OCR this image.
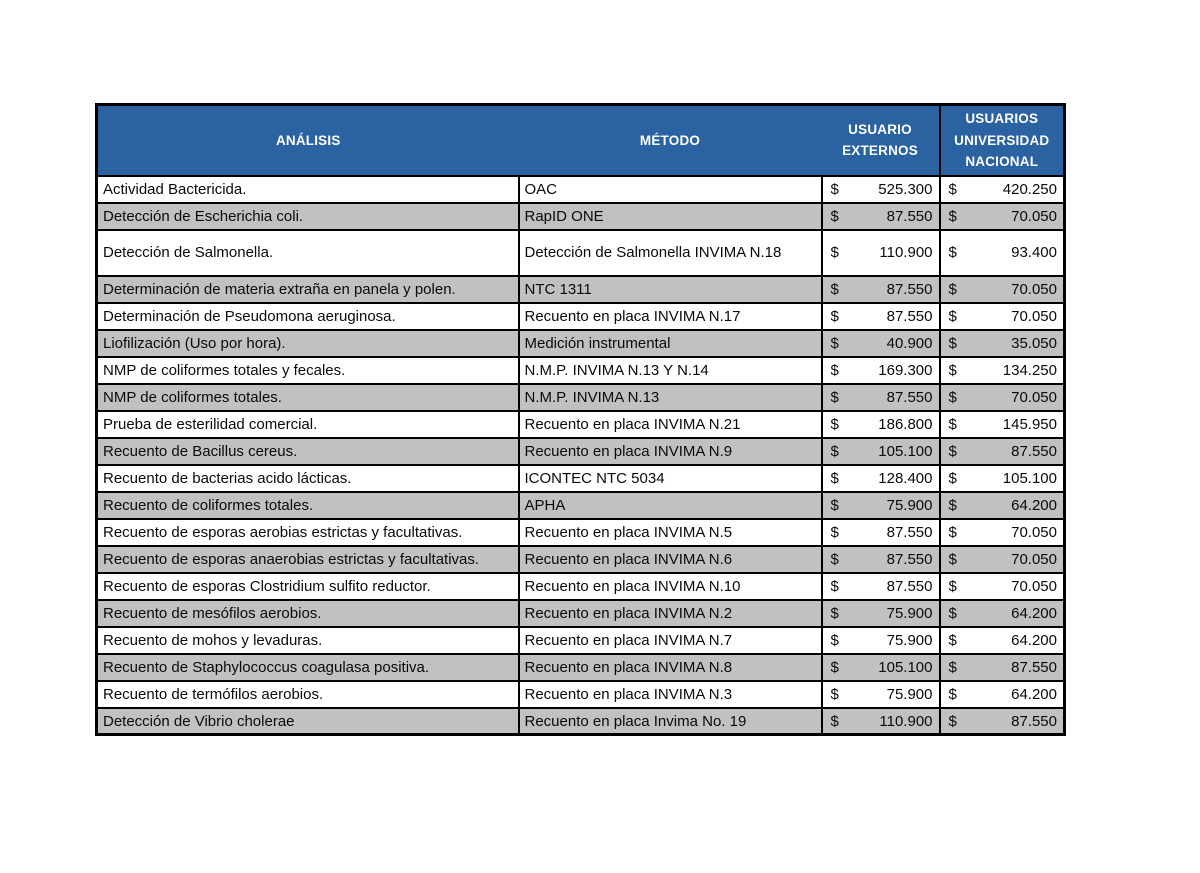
ANÁLISIS	MÉTODO	USUARIO EXTERNOS	USUARIOS UNIVERSIDAD NACIONAL
Actividad Bactericida.	OAC	$ 525.300	$ 420.250

Detección de Escherichia coli.	RapID ONE	$ 87.550	$ 70.050

Detección de Salmonella.	Detección de Salmonella INVIMA N.18	$ 110.900	$ 93.400

Determinación de materia extraña en panela y polen.	NTC 1311	$ 87.550	$ 70.050

Determinación de Pseudomona aeruginosa.	Recuento en placa INVIMA N.17	$ 87.550	$ 70.050

Liofilización (Uso por hora).	Medición instrumental	$ 40.900	$ 35.050

NMP de coliformes totales y fecales.	N.M.P. INVIMA N.13 Y N.14	$ 169.300	$ 134.250

NMP de coliformes totales.	N.M.P. INVIMA N.13	$ 87.550	$ 70.050

Prueba de esterilidad comercial.	Recuento en placa INVIMA N.21	$ 186.800	$ 145.950

Recuento de Bacillus cereus.	Recuento en placa INVIMA N.9	$ 105.100	$ 87.550

Recuento de bacterias acido lácticas.	ICONTEC NTC 5034	$ 128.400	$ 105.100

Recuento de coliformes totales.	APHA	$ 75.900	$ 64.200

Recuento de esporas aerobias estrictas y facultativas.	Recuento en placa INVIMA N.5	$ 87.550	$ 70.050

Recuento de esporas anaerobias estrictas y facultativas.	Recuento en placa INVIMA N.6	$ 87.550	$ 70.050

Recuento de esporas Clostridium sulfito reductor.	Recuento en placa INVIMA N.10	$ 87.550	$ 70.050

Recuento de mesófilos aerobios.	Recuento en placa INVIMA N.2	$ 75.900	$ 64.200

Recuento de mohos y levaduras.	Recuento en placa INVIMA N.7	$ 75.900	$ 64.200

Recuento de Staphylococcus coagulasa positiva.	Recuento en placa INVIMA N.8	$ 105.100	$ 87.550

Recuento de termófilos aerobios.	Recuento en placa INVIMA N.3	$ 75.900	$ 64.200

Detección de Vibrio cholerae	Recuento en placa Invima No. 19	$ 110.900	$ 87.550
